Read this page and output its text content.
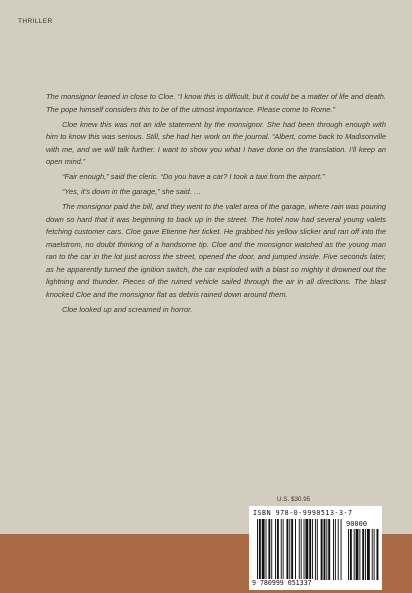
THRILLER

The monsignor leaned in close to Cloe. “I know this is difficult, but it could be a matter of life and death. The pope himself considers this to be of the utmost importance. Please come to Rome.”

Cloe knew this was not an idle statement by the monsignor. She had been through enough with him to know this was serious. Still, she had her work on the journal. “Albert, come back to Madisonville with me, and we will talk further. I want to show you what I have done on the translation. I’ll keep an open mind.”

“Fair enough,” said the cleric. “Do you have a car? I took a taxi from the airport.”

“Yes, it’s down in the garage,” she said. …

The monsignor paid the bill, and they went to the valet area of the garage, where rain was pouring down so hard that it was beginning to back up in the street. The hotel now had several young valets fetching customer cars. Cloe gave Etienne her ticket. He grabbed his yellow slicker and ran off into the maelstrom, no doubt thinking of a handsome tip. Cloe and the monsignor watched as the young man ran to the car in the lot just across the street, opened the door, and jumped inside. Five seconds later, as he apparently turned the ignition switch, the car exploded with a blast so mighty it drowned out the lightning and thunder. Pieces of the ruined vehicle sailed through the air in all directions. The blast knocked Cloe and the monsignor flat as debris rained down around them.

Cloe looked up and screamed in horror.

U.S. $30.95
ISBN 978-0-9990513-3-7
90000
9 780999 051337
